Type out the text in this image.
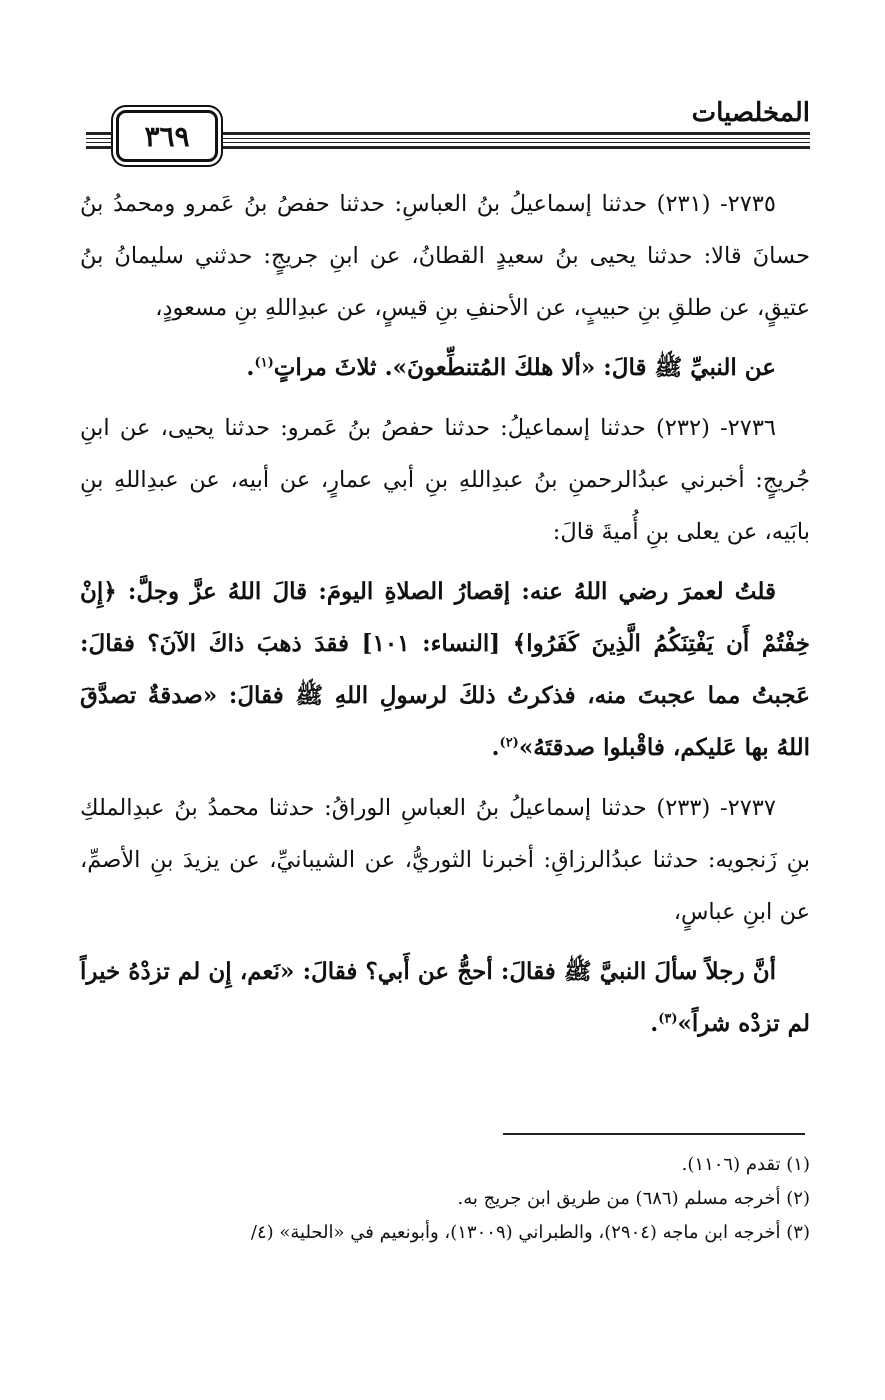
المخلصيات
٣٦٩

٢٧٣٥- (٢٣١) حدثنا إسماعيلُ بنُ العباسِ: حدثنا حفصُ بنُ عَمرو ومحمدُ بنُ حسانَ قالا: حدثنا يحيى بنُ سعيدٍ القطانُ، عن ابنِ جريجٍ: حدثني سليمانُ بنُ عتيقٍ، عن طلقِ بنِ حبيبٍ، عن الأحنفِ بنِ قيسٍ، عن عبدِاللهِ بنِ مسعودٍ،

عن النبيِّ ﷺ قالَ: «ألا هلكَ المُتنطِّعونَ». ثلاثَ مراتٍ$^{(١)}$.

٢٧٣٦- (٢٣٢) حدثنا إسماعيلُ: حدثنا حفصُ بنُ عَمرو: حدثنا يحيى، عن ابنِ جُريجٍ: أخبرني عبدُالرحمنِ بنُ عبدِاللهِ بنِ أبي عمارٍ، عن أبيه، عن عبدِاللهِ بنِ بابَيه، عن يعلى بنِ أُميةَ قالَ:

قلتُ لعمرَ رضي اللهُ عنه: إقصارُ الصلاةِ اليومَ: قالَ اللهُ عزَّ وجلَّ: ﴿إِنْ خِفْتُمْ أَن يَفْتِنَكُمُ الَّذِينَ كَفَرُوا﴾ [النساء: ١٠١] فقدَ ذهبَ ذاكَ الآنَ؟ فقالَ: عَجبتُ مما عجبتَ منه، فذكرتُ ذلكَ لرسولِ اللهِ ﷺ فقالَ: «صدقةٌ تصدَّقَ اللهُ بها عَليكم، فاقْبلوا صدقتَهُ»$^{(٢)}$.

٢٧٣٧- (٢٣٣) حدثنا إسماعيلُ بنُ العباسِ الوراقُ: حدثنا محمدُ بنُ عبدِالملكِ بنِ زَنجويه: حدثنا عبدُالرزاقِ: أخبرنا الثوريُّ، عن الشيبانيِّ، عن يزيدَ بنِ الأصمِّ، عن ابنِ عباسٍ،

أنَّ رجلاً سألَ النبيَّ ﷺ فقالَ: أحجُّ عن أَبي؟ فقالَ: «نَعم، إِن لم تزدْهُ خيراً لم تزدْه شراً»$^{(٣)}$.

(١) تقدم (١١٠٦).
(٢) أخرجه مسلم (٦٨٦) من طريق ابن جريج به.
(٣) أخرجه ابن ماجه (٢٩٠٤)، والطبراني (١٣٠٠٩)، وأبونعيم في «الحلية» (٤/
